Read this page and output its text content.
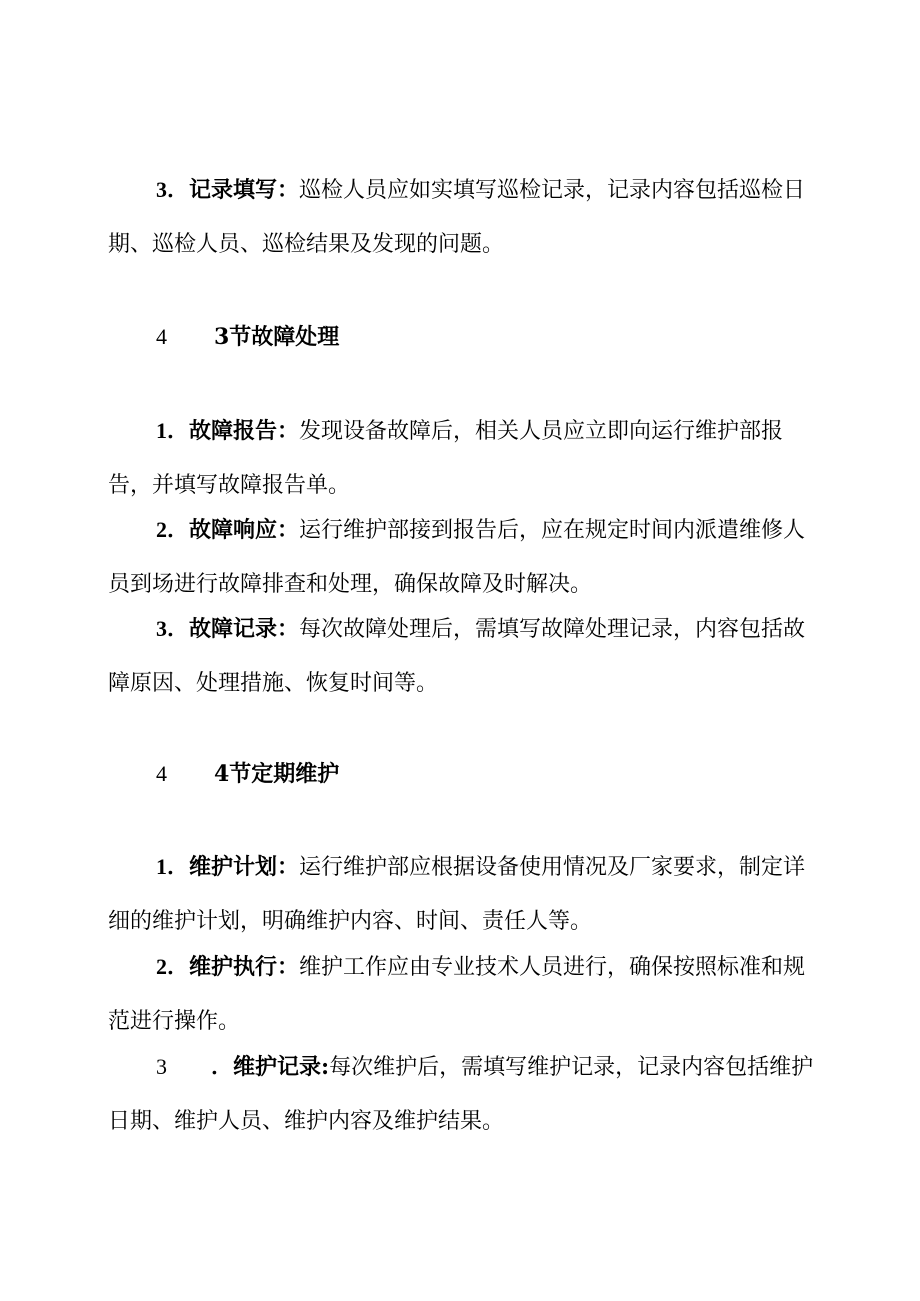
3．记录填写：巡检人员应如实填写巡检记录，记录内容包括巡检日期、巡检人员、巡检结果及发现的问题。

4 3节故障处理

1．故障报告：发现设备故障后，相关人员应立即向运行维护部报告，并填写故障报告单。

2．故障响应：运行维护部接到报告后，应在规定时间内派遣维修人员到场进行故障排查和处理，确保故障及时解决。

3．故障记录：每次故障处理后，需填写故障处理记录，内容包括故障原因、处理措施、恢复时间等。

4 4节定期维护

1．维护计划：运行维护部应根据设备使用情况及厂家要求，制定详细的维护计划，明确维护内容、时间、责任人等。

2．维护执行：维护工作应由专业技术人员进行，确保按照标准和规范进行操作。

3 ．维护记录:每次维护后，需填写维护记录，记录内容包括维护日期、维护人员、维护内容及维护结果。
